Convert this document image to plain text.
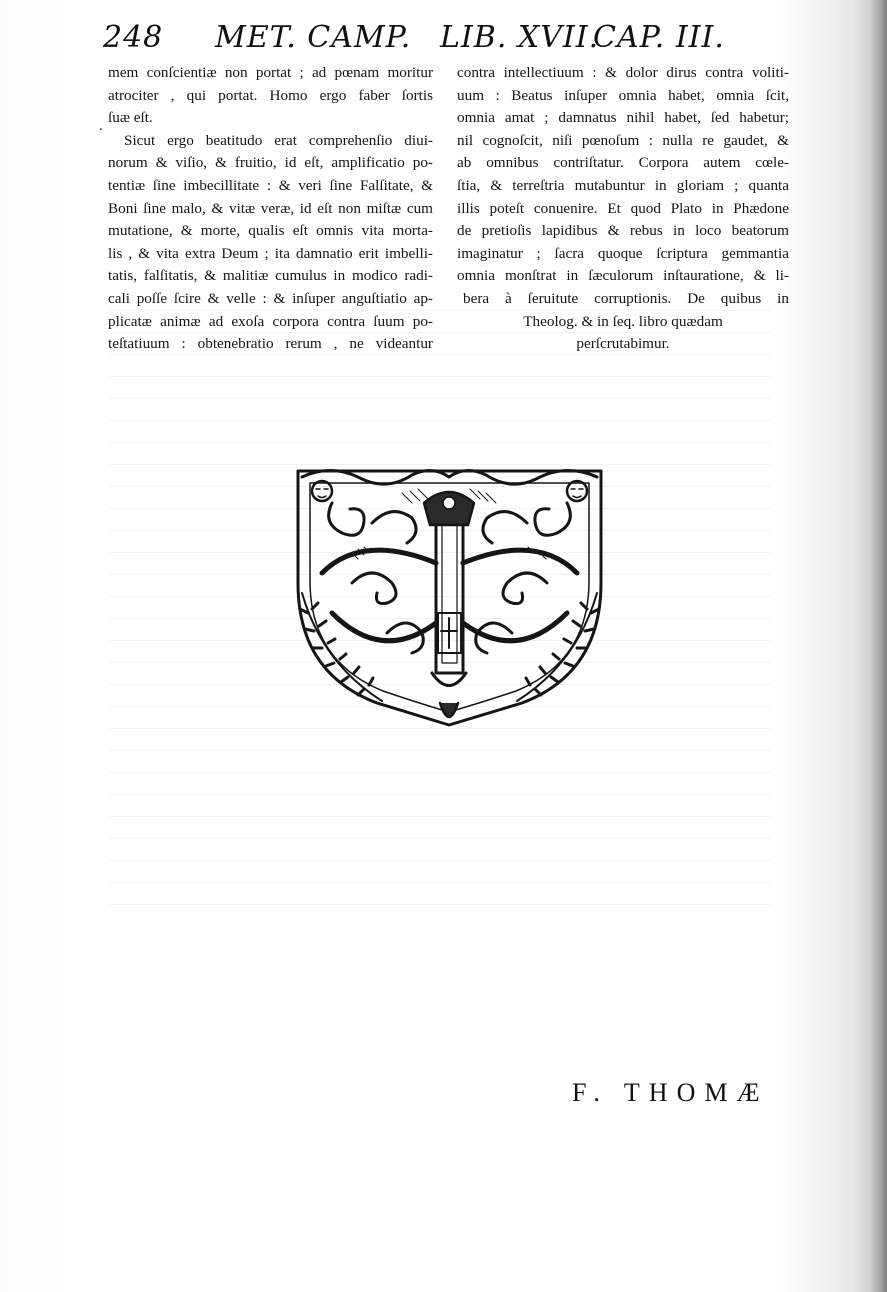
248 MET. CAMP. LIB. XVII.
CAP. III.
.
mem conſcientiæ non portat ; ad pœnam moritur
atrociter , qui portat. Homo ergo faber ſortis
ſuæ eſt.
Sicut ergo beatitudo erat comprehenſio diui-
norum & viſio, & fruitio, id eſt, amplificatio po-
tentiæ ſine imbecillitate : & veri ſine Falſitate, &
Boni ſine malo, & vitæ veræ, id eſt non miſtæ cum
mutatione, & morte, qualis eſt omnis vita morta-
lis , & vita extra Deum ; ita damnatio erit imbelli-
tatis, falſitatis, & malitiæ cumulus in modico radi-
cali poſſe ſcire & velle : & inſuper anguſtiatio ap-
plicatæ animæ ad exoſa corpora contra ſuum po-
teſtatiuum : obtenebratio rerum , ne videantur
contra intellectiuum : & dolor dirus contra voliti-
uum : Beatus inſuper omnia habet, omnia ſcit,
omnia amat ; damnatus nihil habet, ſed habetur;
nil cognoſcit, niſi pœnoſum : nulla re gaudet, &
ab omnibus contriſtatur. Corpora autem cœle-
ſtia, & terreſtria mutabuntur in gloriam ; quanta
illis poteſt conuenire. Et quod Plato in Phædone
de pretioſis lapidibus & rebus in loco beatorum
imaginatur ; ſacra quoque ſcriptura gemmantia
omnia monſtrat in ſæculorum inſtauratione, & li-
bera à ſeruitute corruptionis. De quibus in
Theolog. & in ſeq. libro quædam
perſcrutabimur.
F. THOMÆ
